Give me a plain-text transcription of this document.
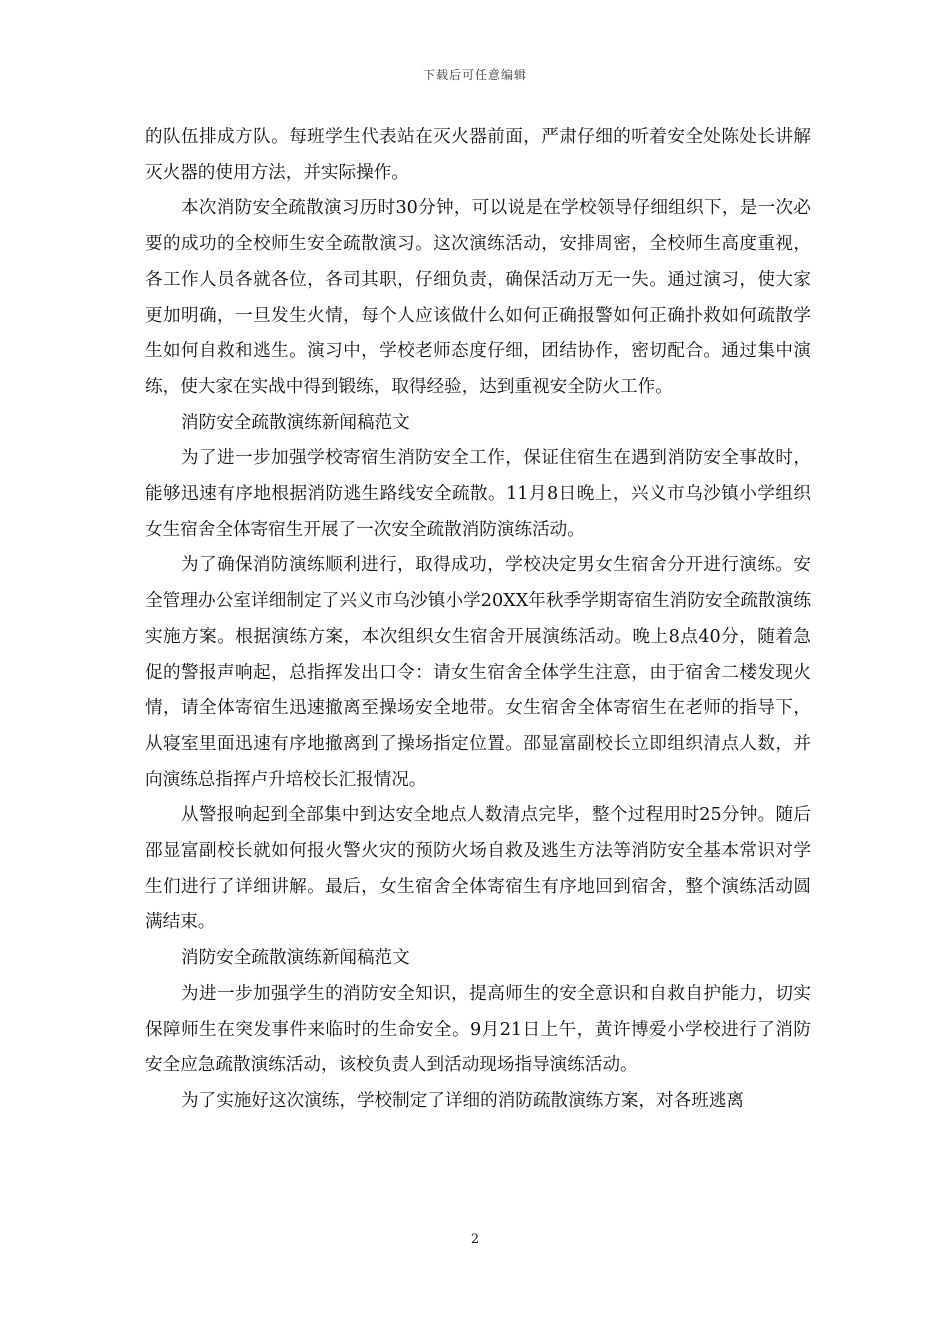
下载后可任意编辑

的队伍排成方队。每班学生代表站在灭火器前面，严肃仔细的听着安全处陈处长讲解灭火器的使用方法，并实际操作。

本次消防安全疏散演习历时30分钟，可以说是在学校领导仔细组织下，是一次必要的成功的全校师生安全疏散演习。这次演练活动，安排周密，全校师生高度重视，各工作人员各就各位，各司其职，仔细负责，确保活动万无一失。通过演习，使大家更加明确，一旦发生火情，每个人应该做什么如何正确报警如何正确扑救如何疏散学生如何自救和逃生。演习中，学校老师态度仔细，团结协作，密切配合。通过集中演练，使大家在实战中得到锻练，取得经验，达到重视安全防火工作。

消防安全疏散演练新闻稿范文

为了进一步加强学校寄宿生消防安全工作，保证住宿生在遇到消防安全事故时，能够迅速有序地根据消防逃生路线安全疏散。11月8日晚上，兴义市乌沙镇小学组织女生宿舍全体寄宿生开展了一次安全疏散消防演练活动。

为了确保消防演练顺利进行，取得成功，学校决定男女生宿舍分开进行演练。安全管理办公室详细制定了兴义市乌沙镇小学20XX年秋季学期寄宿生消防安全疏散演练实施方案。根据演练方案，本次组织女生宿舍开展演练活动。晚上8点40分，随着急促的警报声响起，总指挥发出口令：请女生宿舍全体学生注意，由于宿舍二楼发现火情，请全体寄宿生迅速撤离至操场安全地带。女生宿舍全体寄宿生在老师的指导下，从寝室里面迅速有序地撤离到了操场指定位置。邵显富副校长立即组织清点人数，并向演练总指挥卢升培校长汇报情况。

从警报响起到全部集中到达安全地点人数清点完毕，整个过程用时25分钟。随后邵显富副校长就如何报火警火灾的预防火场自救及逃生方法等消防安全基本常识对学生们进行了详细讲解。最后，女生宿舍全体寄宿生有序地回到宿舍，整个演练活动圆满结束。

消防安全疏散演练新闻稿范文

为进一步加强学生的消防安全知识，提高师生的安全意识和自救自护能力，切实保障师生在突发事件来临时的生命安全。9月21日上午，黄许博爱小学校进行了消防安全应急疏散演练活动，该校负责人到活动现场指导演练活动。

为了实施好这次演练，学校制定了详细的消防疏散演练方案，对各班逃离

2
